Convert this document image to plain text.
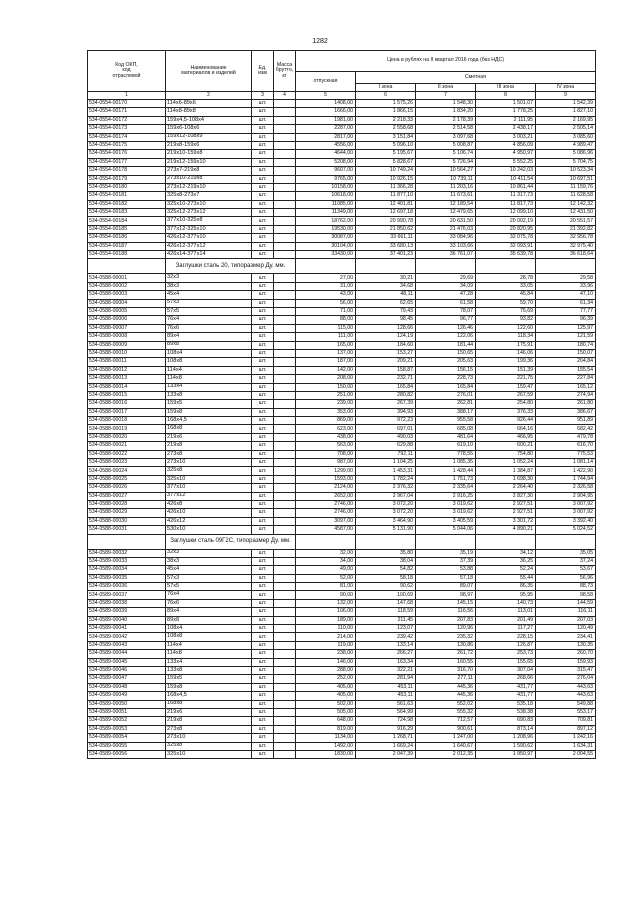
1282
Код ОКП,
код
отраслевой	Наименование
материалов и изделий	Ед.
изм	Масса
брутто,
кг	Цена в рублях на II квартал 2016 года (без НДС)				
				отпускная	Сметная			
					I зона	II зона	III зона	IV зона
1	2	3	4	5	6	7	8	9
534-0554-00170	114х6-89х6	шт.		1408,00	1 575,26	1 548,30	1 501,07	1 542,39
534-0554-00171	114х8-89х8	шт.		1666,00	1 866,15	1 834,20	1 778,25	1 827,10
534-0554-00172	159х4,5-108х4	шт.		1981,00	2 218,33	2 178,39	2 111,95	2 169,95
534-0554-00173	159х6-108х6	шт.		2287,00	2 558,68	2 514,58	2 438,17	2 505,14
534-0554-00174	159х12-108х9	шт.		2817,00	3 151,84	3 097,68	3 003,21	3 085,60
534-0554-00175	219х8-159х6	шт.		4556,00	5 096,10	5 008,87	4 856,09	4 989,47
534-0554-00176	219х10-159х8	шт.		4644,00	5 195,67	5 106,74	4 950,97	5 086,96
534-0554-00177	219х12-159х10	шт.		5208,00	5 828,67	5 726,94	5 552,25	5 704,75
534-0554-00178	273х7-219х8	шт.		9607,00	10 749,24	10 564,27	10 242,03	10 523,34
534-0554-00179	273х10-219х8	шт.		9765,00	10 926,15	10 739,11	10 411,54	10 697,51
534-0554-00180	273х12-219х10	шт.		10158,00	11 366,28	11 203,16	10 861,44	11 159,76
534-0554-00181	325х8-273х7	шт.		10618,00	11 877,10	11 673,61	11 317,73	11 628,58
534-0554-00182	325х10-273х10	шт.		11085,00	12 401,81	12 189,54	11 817,73	12 142,32
534-0554-00183	325х12-273х12	шт.		11349,00	12 697,18	12 479,65	12 099,10	12 431,50
534-0554-00184	377х10-325х8	шт.		18762,00	20 990,78	20 631,50	20 002,19	20 551,57
534-0554-00185	377х12-325х10	шт.		19530,00	21 850,62	21 476,03	20 820,95	21 392,82
534-0554-00186	426х12-377х10	шт.		30087,00	33 661,11	33 084,96	32 075,78	32 956,78
534-0554-00187	426х12-377х12	шт.		30104,00	33 680,13	33 103,66	32 093,91	32 975,40
534-0554-00188	426х14-377х14	шт.		33430,00	37 401,23	36 761,07	35 639,78	36 618,64
	Заглушки сталь 20, типоразмер Ду. мм.							
534-0588-00001	32х3	шт.		27,00	30,21	29,69	28,78	29,58
534-0588-00002	38х3	шт.		31,00	34,68	34,09	33,05	33,96
534-0588-00003	45х4	шт.		43,00	48,11	47,28	45,84	47,10
534-0588-00004	57х3	шт.		56,00	62,65	61,58	59,70	61,34
534-0588-00005	57х5	шт.		71,00	79,43	78,07	75,69	77,77
534-0588-00006	76х4	шт.		88,00	98,45	96,77	93,82	96,39
534-0588-00007	76х6	шт.		115,00	128,66	126,46	122,60	125,97
534-0588-00008	89х4	шт.		111,00	124,19	122,06	118,34	121,59
534-0588-00009	89х8	шт.		165,00	184,60	181,44	175,91	180,74
534-0588-00010	108х4	шт.		137,00	153,27	150,65	146,06	150,07
534-0588-00011	108х8	шт.		187,00	209,21	205,63	199,36	204,84
534-0588-00012	114х4	шт.		142,00	158,87	156,15	151,39	155,54
534-0588-00013	114х8	шт.		208,00	232,71	228,73	221,75	227,84
534-0588-00014	133х4	шт.		150,00	165,84	165,84	159,47	165,12
534-0588-00015	133х8	шт.		251,00	280,82	276,01	267,59	274,94
534-0588-00016	159х5	шт.		239,00	267,39	262,81	254,80	261,80
534-0588-00017	159х8	шт.		353,00	394,93	388,17	376,33	386,67
534-0588-00018	168х4,5	шт.		869,00	972,23	955,58	926,44	951,89
534-0588-00019	168х8	шт.		623,00	697,01	685,08	664,16	682,42
534-0588-00020	219х6	шт.		438,00	490,03	481,64	466,95	479,78
534-0588-00021	219х8	шт.		563,00	629,88	619,10	600,21	616,70
534-0588-00022	273х8	шт.		708,00	792,11	778,55	754,80	775,53
534-0588-00023	273х10	шт.		987,00	1 104,25	1 085,35	1 052,24	1 081,14
534-0588-00024	325х8	шт.		1299,00	1 453,31	1 428,44	1 384,87	1 422,90
534-0588-00025	325х10	шт.		1593,00	1 782,24	1 751,73	1 698,30	1 744,94
534-0588-00026	377х10	шт.		2124,00	2 376,32	2 335,64	2 264,40	2 326,58
534-0588-00027	377х12	шт.		2652,00	2 967,04	2 916,25	2 827,30	2 904,95
534-0588-00028	426х8	шт.		2746,00	3 072,20	3 019,62	2 927,51	3 007,92
534-0588-00029	426х10	шт.		2746,00	3 072,20	3 019,62	2 927,51	3 007,92
534-0588-00030	426х12	шт.		3097,00	3 464,90	3 405,59	3 301,72	3 392,40
534-0588-00031	530х10	шт.		4587,00	5 131,90	5 044,06	4 890,21	5 024,52
	Заглушки сталь 09Г2С, типоразмер Ду. мм.							
534-0589-00032	32х3	шт.		32,00	35,80	35,19	34,12	35,05
534-0589-00033	38х3	шт.		34,00	38,04	37,39	36,25	37,24
534-0589-00034	45х4	шт.		49,00	54,82	53,88	52,24	53,67
534-0589-00035	57х3	шт.		52,00	58,18	57,18	55,44	56,96
534-0589-00036	57х5	шт.		81,00	90,62	89,07	86,35	88,73
534-0589-00037	76х4	шт.		90,00	100,69	98,97	95,95	98,58
534-0589-00038	76х6	шт.		132,00	147,68	145,15	140,73	144,59
534-0589-00039	89х4	шт.		106,00	118,59	116,56	113,01	116,11
534-0589-00040	89х8	шт.		189,00	211,45	207,83	201,49	207,03
534-0589-00041	108х4	шт.		110,00	123,07	120,96	117,27	120,49
534-0589-00042	108х8	шт.		214,00	239,42	235,32	228,15	234,41
534-0589-00043	114х4	шт.		119,00	133,14	130,86	126,87	130,35
534-0589-00044	114х8	шт.		238,00	266,27	261,72	253,73	260,70
534-0589-00045	133х4	шт.		146,00	163,34	160,55	155,65	159,93
534-0589-00046	133х8	шт.		288,00	322,21	316,70	307,04	315,47
534-0589-00047	159х5	шт.		252,00	281,94	277,11	268,66	276,04
534-0589-00048	159х8	шт.		405,00	453,11	445,36	431,77	443,63
534-0589-00049	168х4,5	шт.		405,00	453,11	445,36	431,77	443,63
534-0589-00050	168х8	шт.		502,00	561,63	552,02	535,18	549,88
534-0589-00051	219х6	шт.		505,00	564,99	555,32	538,38	553,17
534-0589-00052	219х8	шт.		648,00	724,98	712,57	690,83	709,81
534-0589-00053	273х8	шт.		819,00	916,29	900,61	873,14	897,12
534-0589-00054	273х10	шт.		1134,00	1 268,71	1 247,00	1 208,96	1 242,16
534-0589-00055	325х8	шт.		1492,00	1 669,24	1 640,67	1 590,62	1 634,31
534-0589-00056	325х10	шт.		1830,00	2 047,39	2 012,35	1 950,97	2 004,55
